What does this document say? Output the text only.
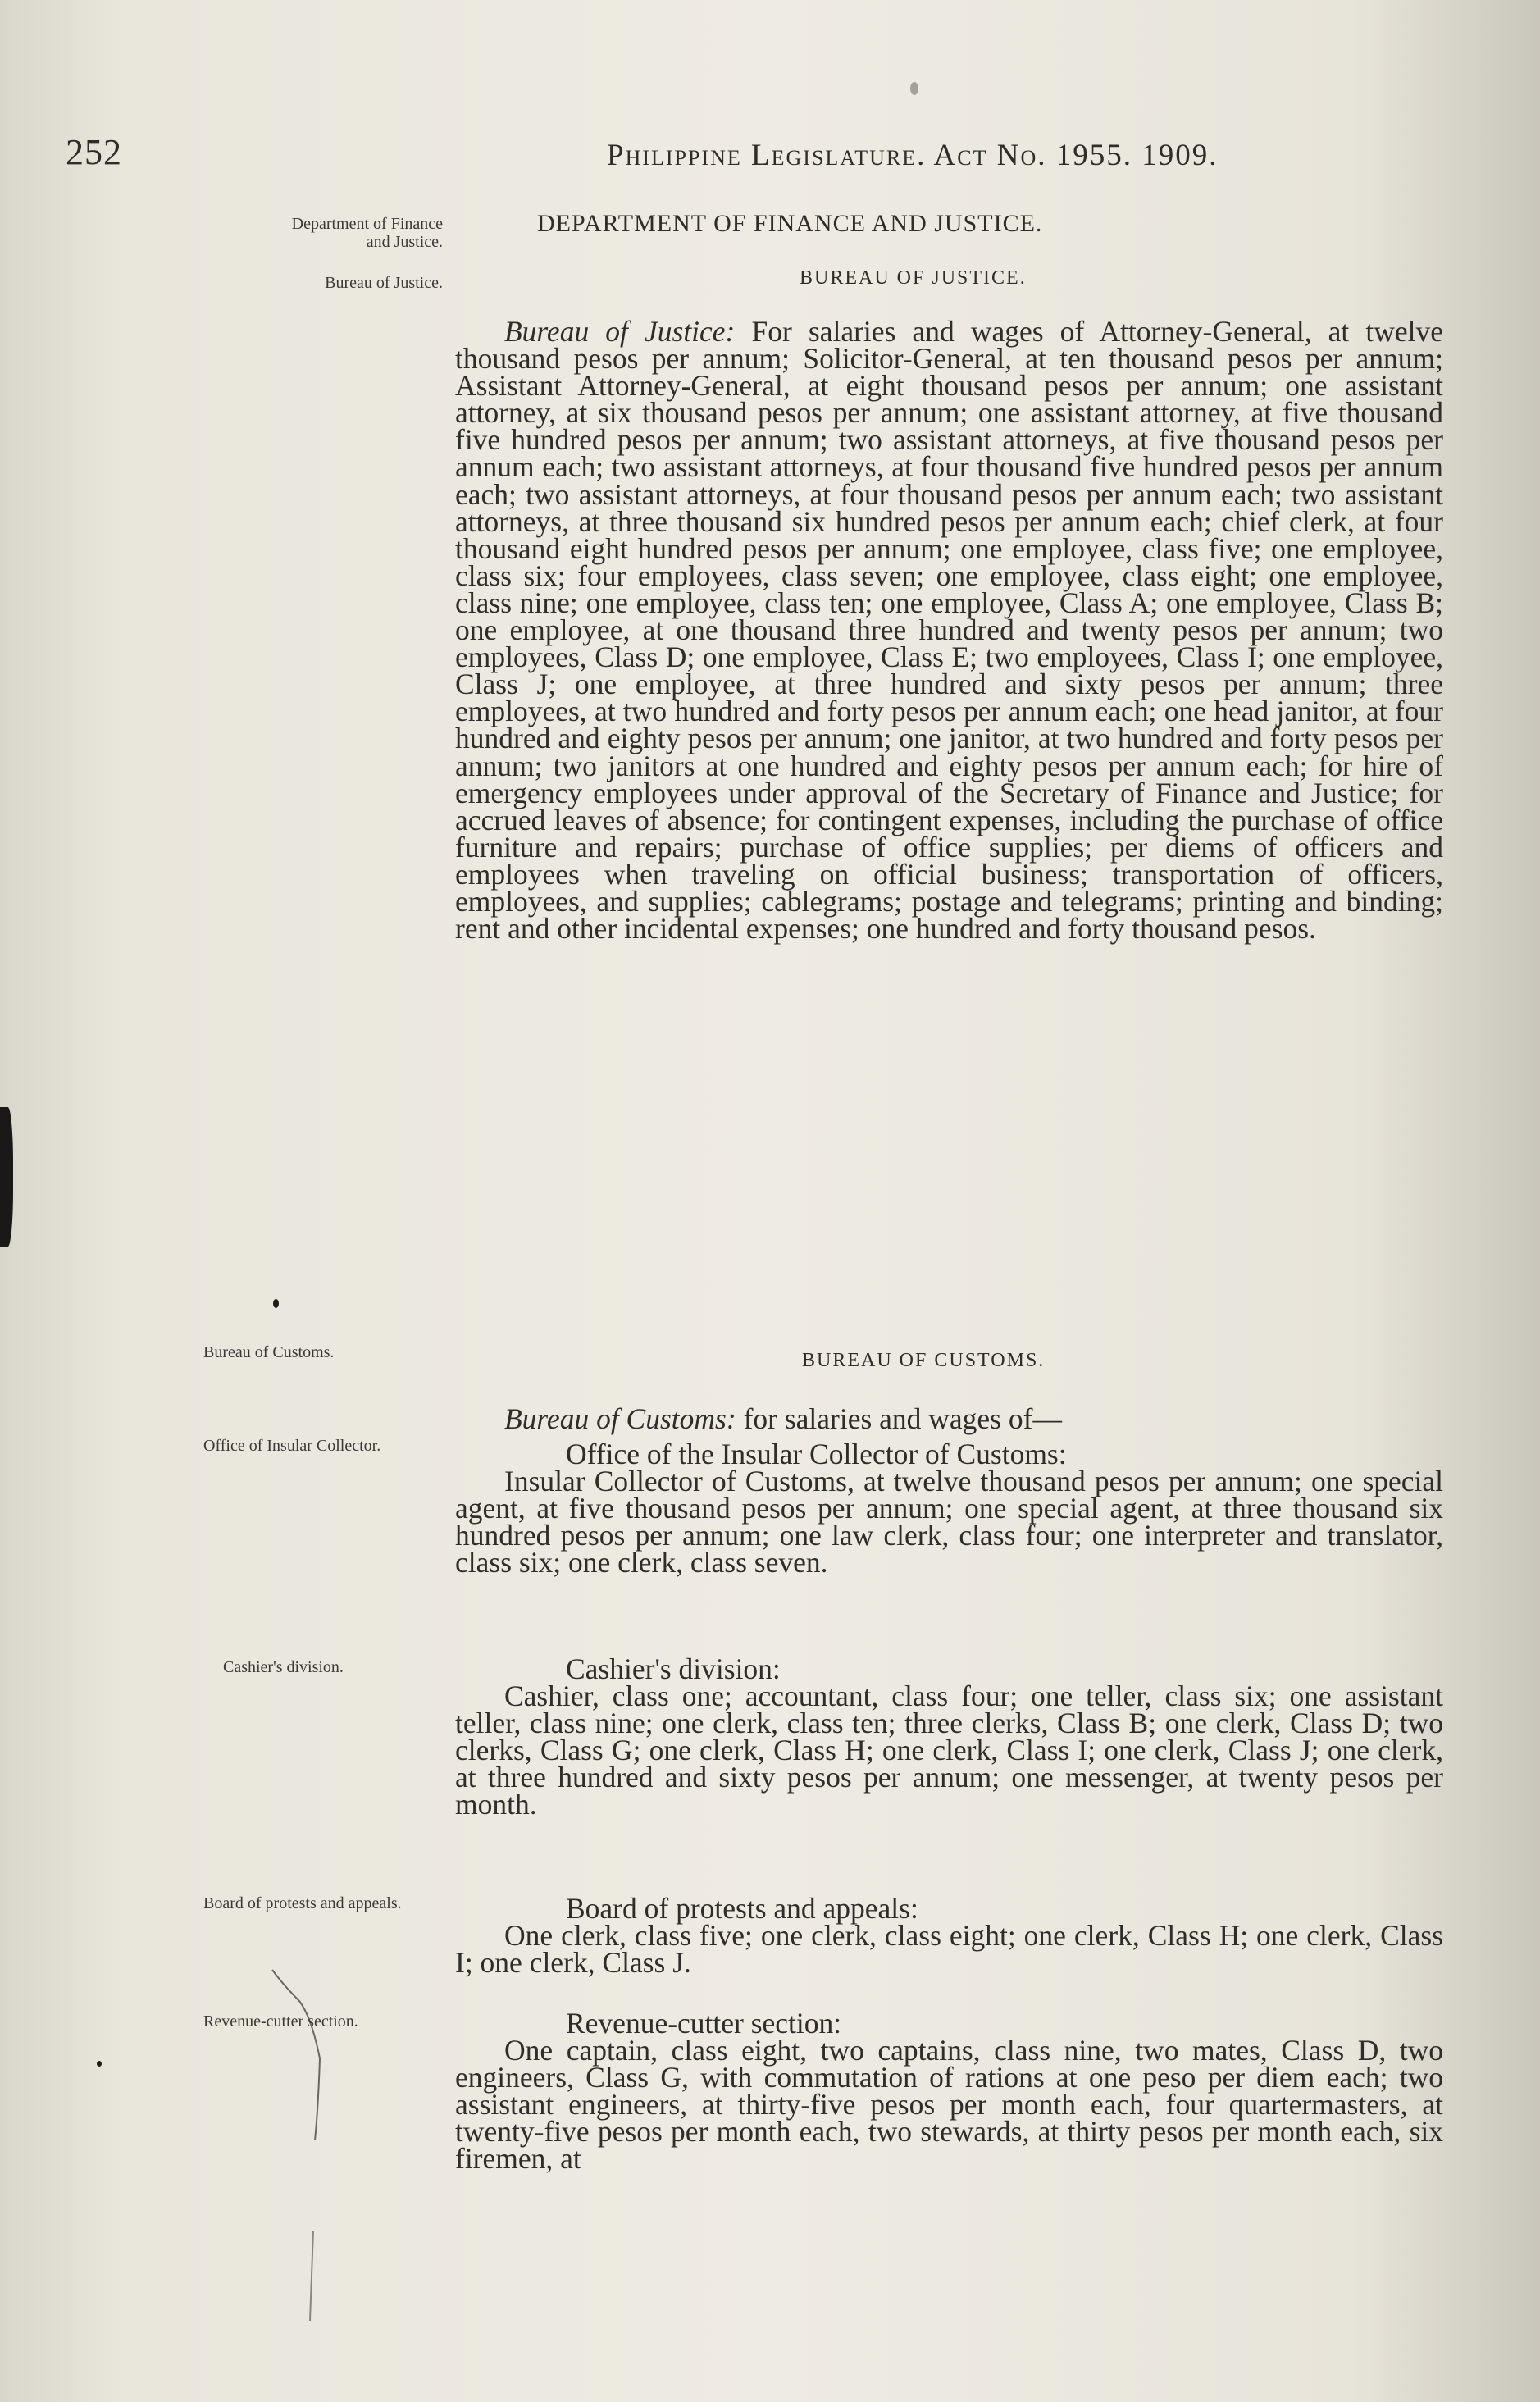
252	Philippine Legislature. Act No. 1955. 1909.
DEPARTMENT OF FINANCE AND JUSTICE.
BUREAU OF JUSTICE.
Department of Finance and Justice.
Bureau of Justice.
Bureau of Customs.
Office of Insular Collector.
Cashier's division.
Board of protests and appeals.
Revenue-cutter section.

Bureau of Justice: For salaries and wages of Attorney-General, at twelve thousand pesos per annum; Solicitor-General, at ten thousand pesos per annum; Assistant Attorney-General, at eight thousand pesos per annum; one assistant attorney, at six thousand pesos per annum; one assistant attorney, at five thousand five hundred pesos per annum; two assistant attorneys, at five thousand pesos per annum each; two assistant attorneys, at four thousand five hundred pesos per annum each; two assistant attorneys, at four thousand pesos per annum each; two assistant attorneys, at three thousand six hundred pesos per annum each; chief clerk, at four thousand eight hundred pesos per annum; one employee, class five; one employee, class six; four employees, class seven; one employee, class eight; one employee, class nine; one employee, class ten; one employee, Class A; one employee, Class B; one employee, at one thousand three hundred and twenty pesos per annum; two employees, Class D; one employee, Class E; two employees, Class I; one employee, Class J; one employee, at three hundred and sixty pesos per annum; three employees, at two hundred and forty pesos per annum each; one head janitor, at four hundred and eighty pesos per annum; one janitor, at two hundred and forty pesos per annum; two janitors at one hundred and eighty pesos per annum each; for hire of emergency employees under approval of the Secretary of Finance and Justice; for accrued leaves of absence; for contingent expenses, including the purchase of office furniture and repairs; purchase of office supplies; per diems of officers and employees when traveling on official business; transportation of officers, employees, and supplies; cablegrams; postage and telegrams; printing and binding; rent and other incidental expenses; one hundred and forty thousand pesos.

BUREAU OF CUSTOMS.

Bureau of Customs: for salaries and wages of—

Office of the Insular Collector of Customs:

Insular Collector of Customs, at twelve thousand pesos per annum; one special agent, at five thousand pesos per annum; one special agent, at three thousand six hundred pesos per annum; one law clerk, class four; one interpreter and translator, class six; one clerk, class seven.

Cashier's division:

Cashier, class one; accountant, class four; one teller, class six; one assistant teller, class nine; one clerk, class ten; three clerks, Class B; one clerk, Class D; two clerks, Class G; one clerk, Class H; one clerk, Class I; one clerk, Class J; one clerk, at three hundred and sixty pesos per annum; one messenger, at twenty pesos per month.

Board of protests and appeals:

One clerk, class five; one clerk, class eight; one clerk, Class H; one clerk, Class I; one clerk, Class J.

Revenue-cutter section:

One captain, class eight, two captains, class nine, two mates, Class D, two engineers, Class G, with commutation of rations at one peso per diem each; two assistant engineers, at thirty-five pesos per month each, four quartermasters, at twenty-five pesos per month each, two stewards, at thirty pesos per month each, six firemen, at
